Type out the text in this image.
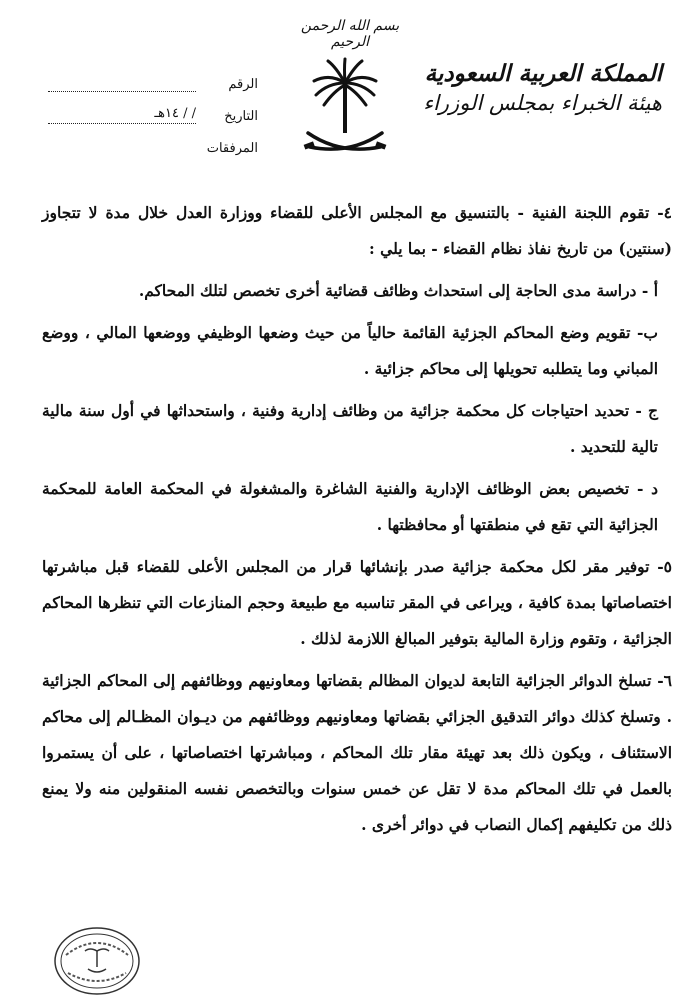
بسم الله الرحمن الرحيم
المملكة العربية السعودية
هيئة الخبراء بمجلس الوزراء
الرقم
التاريخ
/ / ١٤هـ
المرفقات

٤- تقوم اللجنة الفنية - بالتنسيق مع المجلس الأعلى للقضاء ووزارة العدل خلال مدة لا تتجاوز (سنتين) من تاريخ نفاذ نظام القضاء - بما يلي :

أ - دراسة مدى الحاجة إلى استحداث وظائف قضائية أخرى تخصص لتلك المحاكم.

ب- تقويم وضع المحاكم الجزئية القائمة حالياً من حيث وضعها الوظيفي ووضعها المالي ، ووضع المباني وما يتطلبه تحويلها إلى محاكم جزائية .

ج - تحديد احتياجات كل محكمة جزائية من وظائف إدارية وفنية ، واستحداثها في أول سنة مالية تالية للتحديد .

د - تخصيص بعض الوظائف الإدارية والفنية الشاغرة والمشغولة في المحكمة العامة للمحكمة الجزائية التي تقع في منطقتها أو محافظتها .

٥- توفير مقر لكل محكمة جزائية صدر بإنشائها قرار من المجلس الأعلى للقضاء قبل مباشرتها اختصاصاتها بمدة كافية ، ويراعى في المقر تناسبه مع طبيعة وحجم المنازعات التي تنظرها المحاكم الجزائية ، وتقوم وزارة المالية بتوفير المبالغ اللازمة لذلك .

٦- تسلخ الدوائر الجزائية التابعة لديوان المظالم بقضاتها ومعاونيهم ووظائفهم إلى المحاكم الجزائية . وتسلخ كذلك دوائر التدقيق الجزائي بقضاتها ومعاونيهم ووظائفهم من ديـوان المظـالم إلى محاكم الاستئناف ، ويكون ذلك بعد تهيئة مقار تلك المحاكم ، ومباشرتها اختصاصاتها ، على أن يستمروا بالعمل في تلك المحاكم مدة لا تقل عن خمس سنوات وبالتخصص نفسه المنقولين منه ولا يمنع ذلك من تكليفهم إكمال النصاب في دوائر أخرى .
